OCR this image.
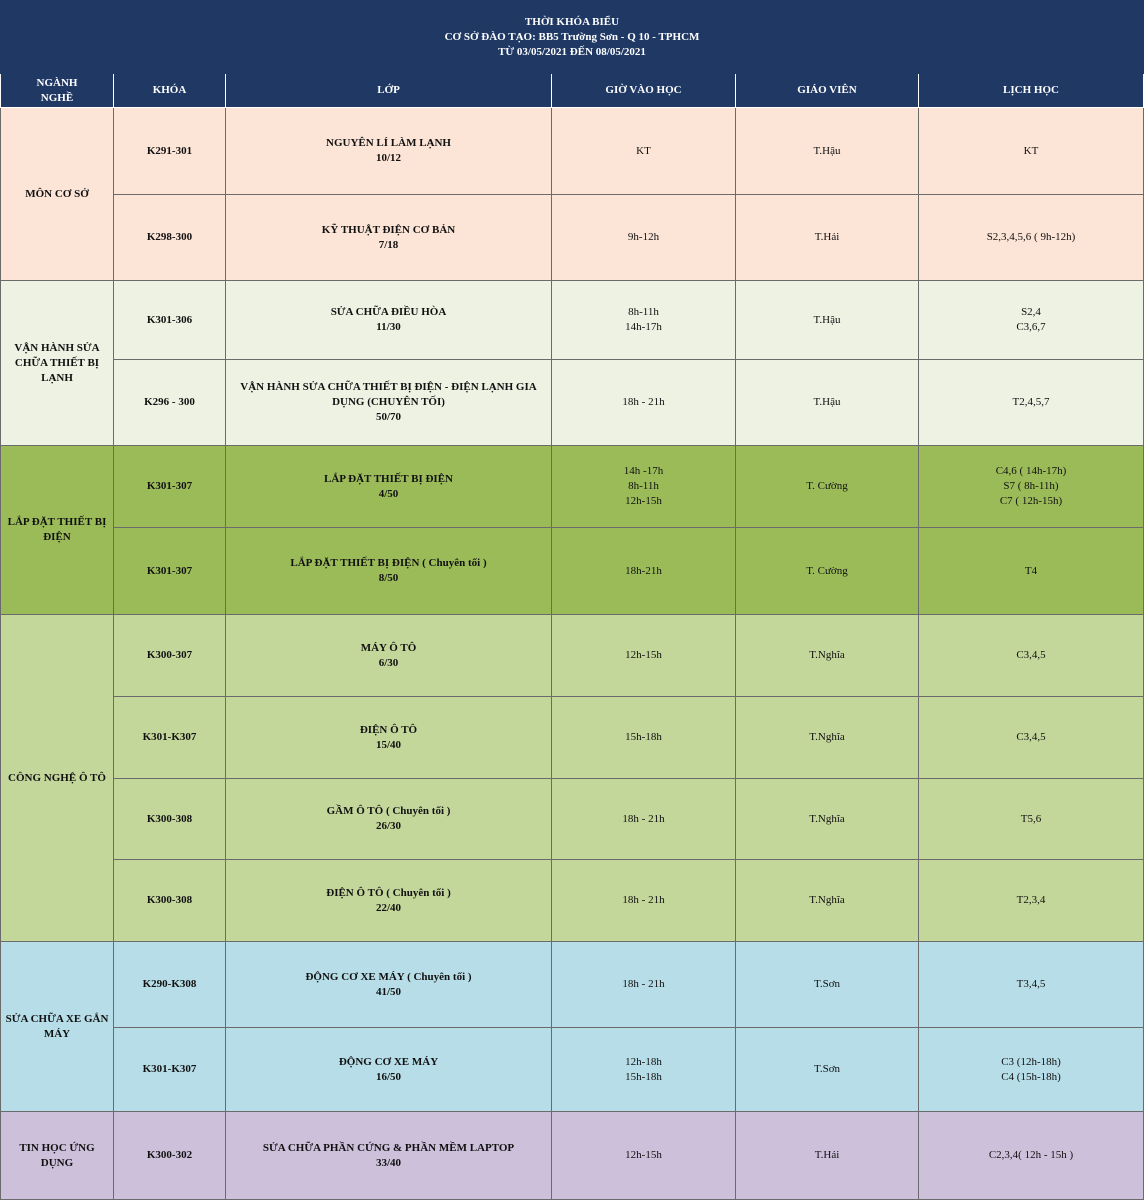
THỜI KHÓA BIỂU
CƠ SỞ ĐÀO TẠO: BB5 Trường Sơn - Q 10 - TPHCM
TỪ 03/05/2021 ĐẾN 08/05/2021					

NGÀNH
NGHỀ	KHÓA	LỚP	GIỜ VÀO HỌC	GIÁO VIÊN	LỊCH HỌC
MÔN CƠ SỞ	K291-301	NGUYÊN LÍ LÀM LẠNH
10/12	KT	T.Hậu	KT
	K298-300	KỸ THUẬT ĐIỆN CƠ BẢN
7/18	9h-12h	T.Hải	S2,3,4,5,6 ( 9h-12h)
VẬN HÀNH SỬA CHỮA THIẾT BỊ LẠNH	K301-306	SỬA CHỮA ĐIỀU HÒA
11/30	8h-11h
14h-17h	T.Hậu	S2,4
C3,6,7
	K296 - 300	VẬN HÀNH SỬA CHỮA THIẾT BỊ ĐIỆN - ĐIỆN LẠNH GIA DỤNG (CHUYÊN TỐI)
50/70	18h - 21h	T.Hậu	T2,4,5,7
LẮP ĐẶT THIẾT BỊ ĐIỆN	K301-307	LẮP ĐẶT THIẾT BỊ ĐIỆN
4/50	14h -17h
8h-11h
12h-15h	T. Cường	C4,6 ( 14h-17h)
S7 ( 8h-11h)
C7 ( 12h-15h)
	K301-307	LẮP ĐẶT THIẾT BỊ ĐIỆN ( Chuyên tối )
8/50	18h-21h	T. Cường	T4
CÔNG NGHỆ Ô TÔ	K300-307	MÁY Ô TÔ
6/30	12h-15h	T.Nghĩa	C3,4,5
	K301-K307	ĐIỆN Ô TÔ
15/40	15h-18h	T.Nghĩa	C3,4,5
	K300-308	GẦM Ô TÔ ( Chuyên tối )
26/30	18h - 21h	T.Nghĩa	T5,6
	K300-308	ĐIỆN Ô TÔ ( Chuyên tối )
22/40	18h - 21h	T.Nghĩa	T2,3,4
SỬA CHỮA XE GẮN MÁY	K290-K308	ĐỘNG CƠ XE MÁY ( Chuyên tối )
41/50	18h - 21h	T.Sơn	T3,4,5
	K301-K307	ĐỘNG CƠ XE MÁY
16/50	12h-18h
15h-18h	T.Sơn	C3 (12h-18h)
C4 (15h-18h)
TIN HỌC ỨNG DỤNG	K300-302	SỬA CHỮA PHẦN CỨNG & PHẦN MỀM LAPTOP
33/40	12h-15h	T.Hải	C2,3,4( 12h - 15h )
